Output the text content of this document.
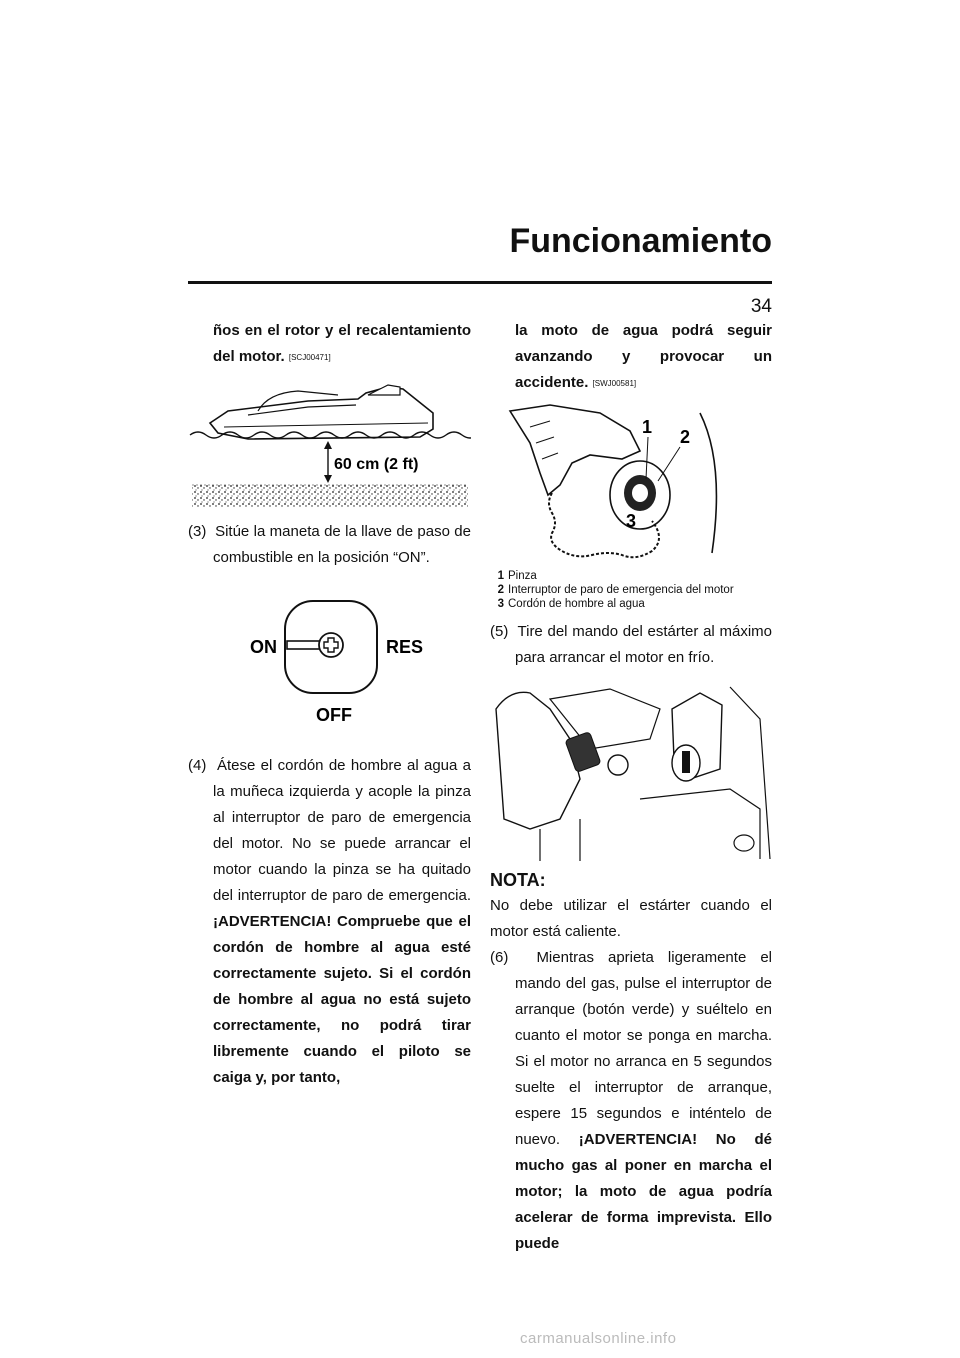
Funcionamiento
34

ños en el rotor y el recalentamiento del motor. [SCJ00471]

60 cm (2 ft)

(3) Sitúe la maneta de la llave de paso de combustible en la posición “ON”.

ON	RES
OFF

(4) Átese el cordón de hombre al agua a la muñeca izquierda y acople la pinza al interruptor de paro de emergencia del motor. No se puede arrancar el motor cuando la pinza se ha quitado del interruptor de paro de emergencia. ¡ADVERTENCIA! Compruebe que el cordón de hombre al agua esté correctamente sujeto. Si el cordón de hombre al agua no está sujeto correctamente, no podrá tirar libremente cuando el piloto se caiga y, por tanto,

la moto de agua podrá seguir avanzando y provocar un accidente. [SWJ00581]

1 2
3
1 Pinza
2 Interruptor de paro de emergencia del motor
3 Cordón de hombre al agua

(5) Tire del mando del estárter al máximo para arrancar el motor en frío.

NOTA:

No debe utilizar el estárter cuando el motor está caliente.

(6) Mientras aprieta ligeramente el mando del gas, pulse el interruptor de arranque (botón verde) y suéltelo en cuanto el motor se ponga en marcha. Si el motor no arranca en 5 segundos suelte el interruptor de arranque, espere 15 segundos e inténtelo de nuevo. ¡ADVERTENCIA! No dé mucho gas al poner en marcha el motor; la moto de agua podría acelerar de forma imprevista. Ello puede

carmanualsonline.info
